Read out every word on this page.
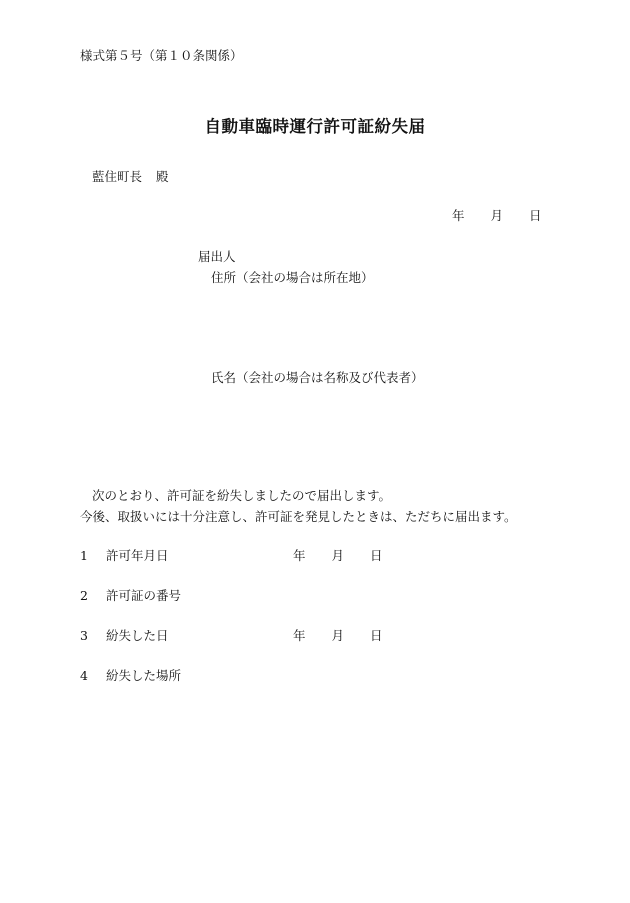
様式第５号（第１０条関係）
自動車臨時運行許可証紛失届
藍住町長 殿
年 月 日
届出人
住所（会社の場合は所在地）
氏名（会社の場合は名称及び代表者）
次のとおり、許可証を紛失しましたので届出します。
今後、取扱いには十分注意し、許可証を発見したときは、ただちに届出ます。
1 許可年月日	年 月 日
2 許可証の番号
3 紛失した日	年 月 日
4 紛失した場所
